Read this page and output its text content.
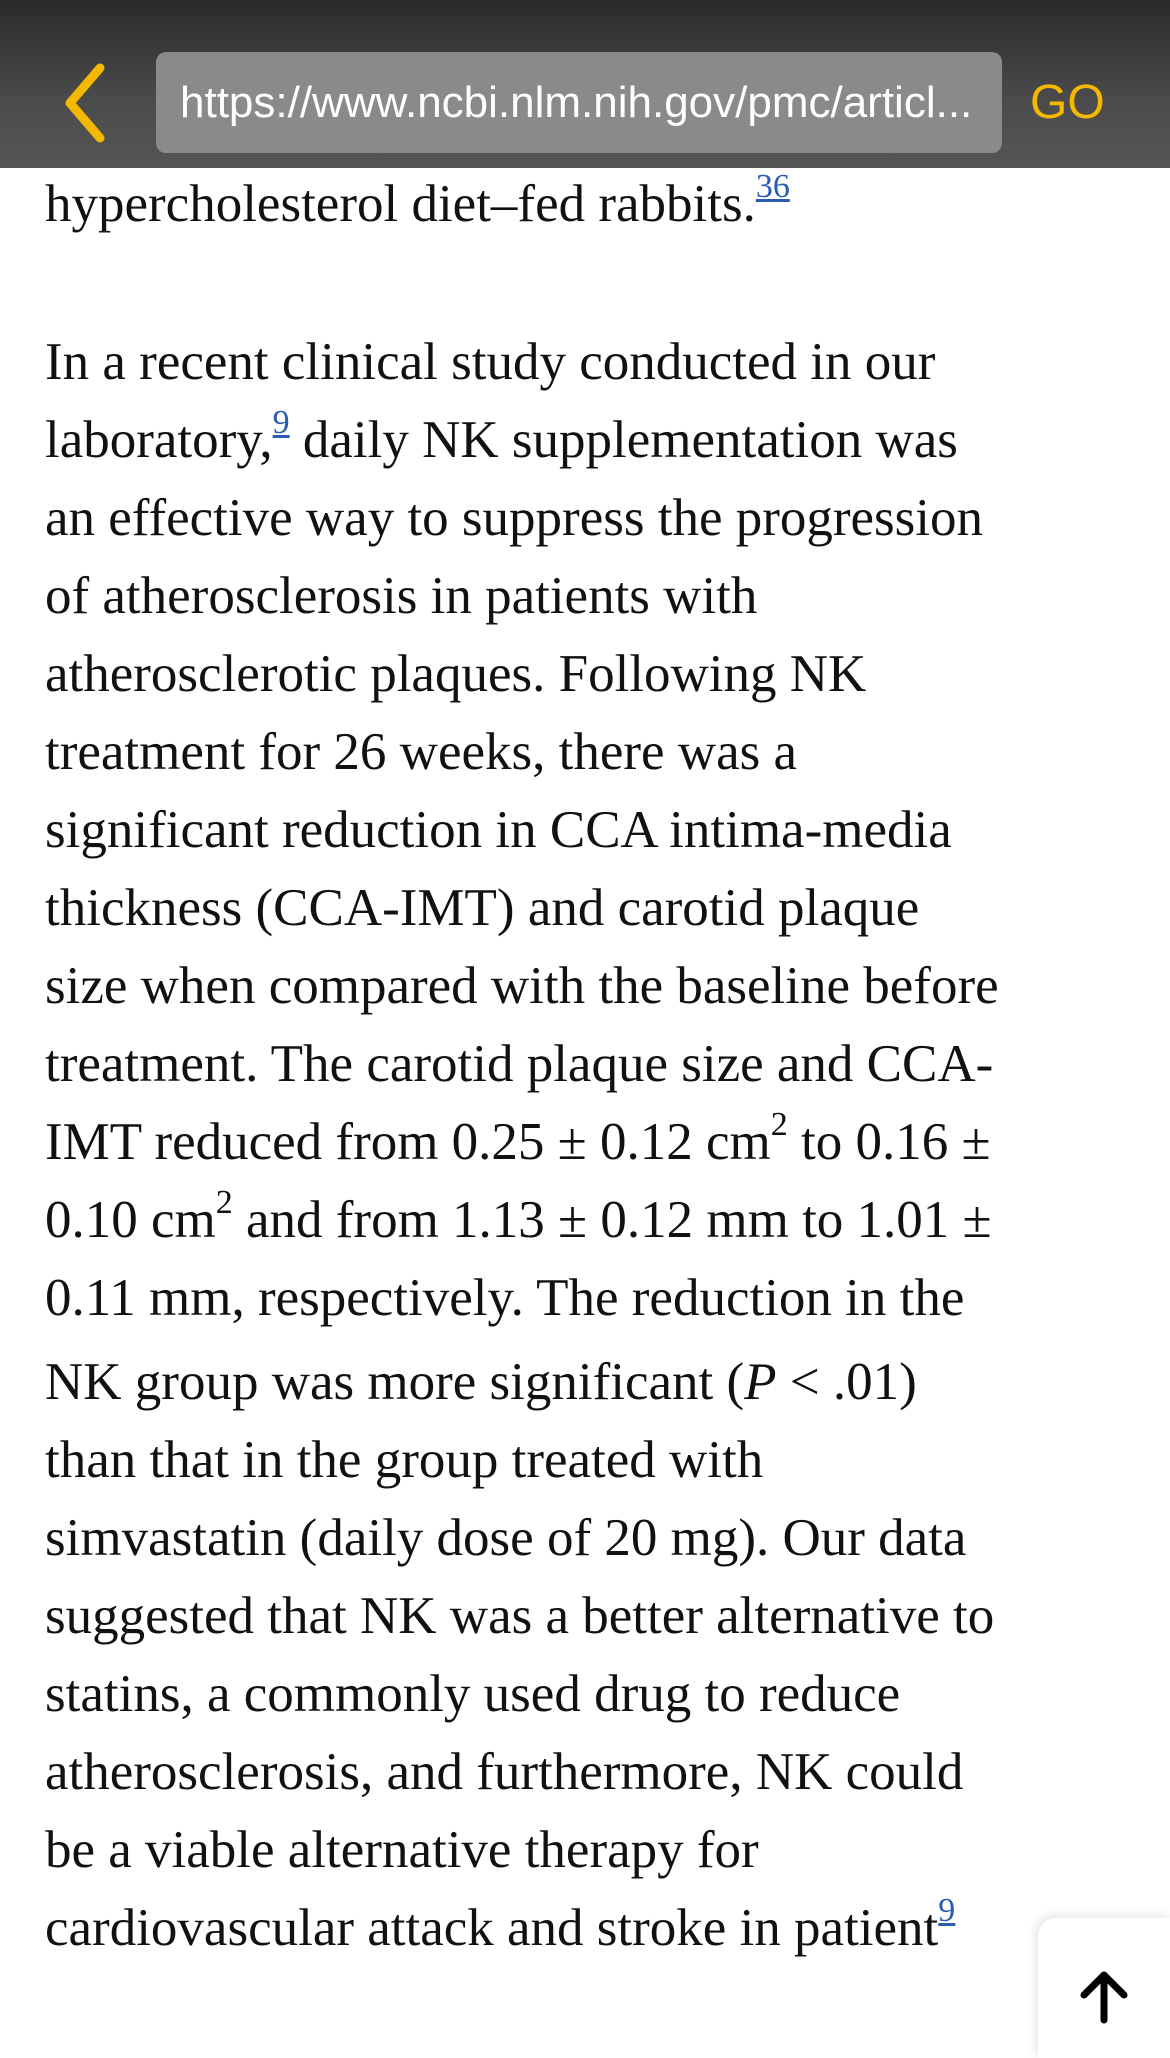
https://www.ncbi.nlm.nih.gov/pmc/articl... GO
hypercholesterol diet–fed rabbits.$^{36}$
In a recent clinical study conducted in our
laboratory,$^9$ daily NK supplementation was
an effective way to suppress the progression
of atherosclerosis in patients with
atherosclerotic plaques. Following NK
treatment for 26 weeks, there was a
significant reduction in CCA intima-media
thickness (CCA-IMT) and carotid plaque
size when compared with the baseline before
treatment. The carotid plaque size and CCA-
IMT reduced from 0.25 ± 0.12 $cm^2$ to 0.16 ±
0.10 $cm^2$ and from 1.13 ± 0.12 mm to 1.01 ±
0.11 mm, respectively. The reduction in the
NK group was more significant (P < .01)
than that in the group treated with
simvastatin (daily dose of 20 mg). Our data
suggested that NK was a better alternative to
statins, a commonly used drug to reduce
atherosclerosis, and furthermore, NK could
be a viable alternative therapy for
cardiovascular attack and stroke in patient$^9$
